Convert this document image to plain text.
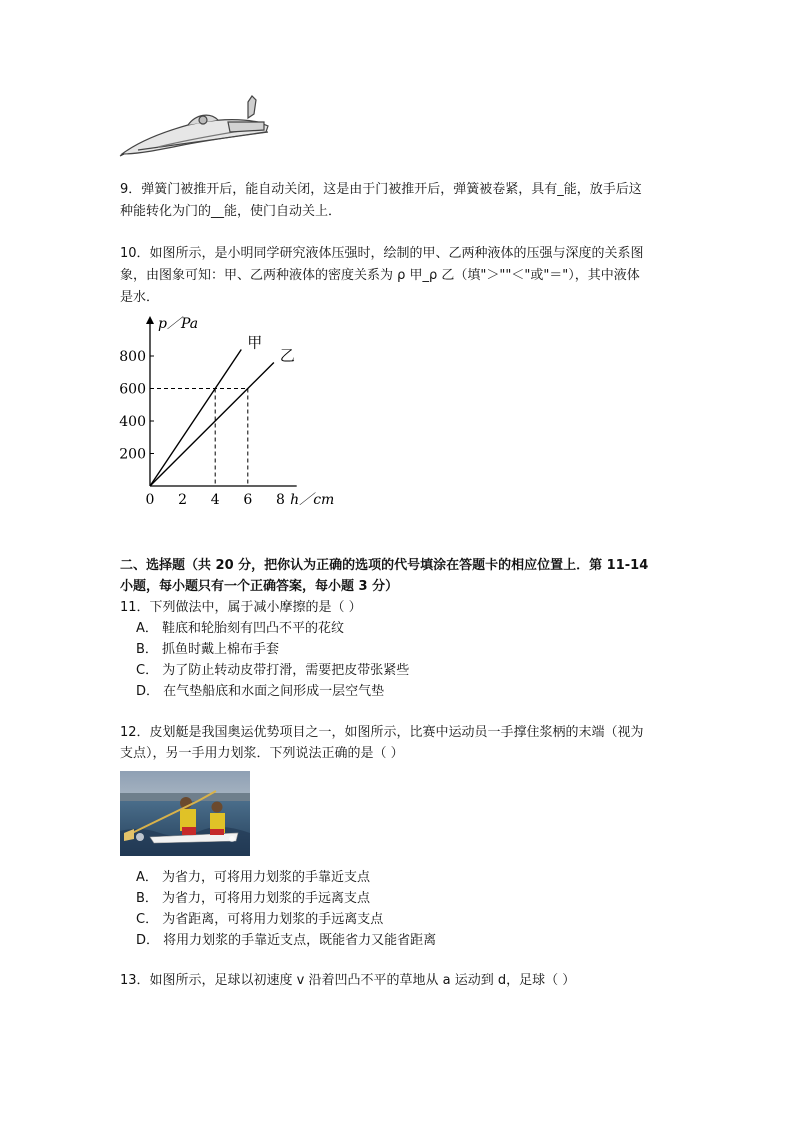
9．弹簧门被推开后，能自动关闭，这是由于门被推开后，弹簧被卷紧，具有_能，放手后这
种能转化为门的__能，使门自动关上．
10．如图所示，是小明同学研究液体压强时，绘制的甲、乙两种液体的压强与深度的关系图
象，由图象可知：甲、乙两种液体的密度关系为 ρ 甲_ρ 乙（填"＞""＜"或"＝"），其中液体
是水．
200
400
600
800
0 2 4 6 8
p／Pa
h／cm
甲
乙
二、选择题（共 20 分，把你认为正确的选项的代号填涂在答题卡的相应位置上．第 11-14
小题，每小题只有一个正确答案，每小题 3 分）
11．下列做法中，属于减小摩擦的是（ ）
A． 鞋底和轮胎刻有凹凸不平的花纹
B． 抓鱼时戴上棉布手套
C． 为了防止转动皮带打滑，需要把皮带张紧些
D． 在气垫船底和水面之间形成一层空气垫
12．皮划艇是我国奥运优势项目之一，如图所示，比赛中运动员一手撑住浆柄的末端（视为
支点），另一手用力划浆．下列说法正确的是（ ）
A． 为省力，可将用力划浆的手靠近支点
B． 为省力，可将用力划浆的手远离支点
C． 为省距离，可将用力划浆的手远离支点
D． 将用力划浆的手靠近支点，既能省力又能省距离
13．如图所示，足球以初速度 v 沿着凹凸不平的草地从 a 运动到 d，足球（ ）
